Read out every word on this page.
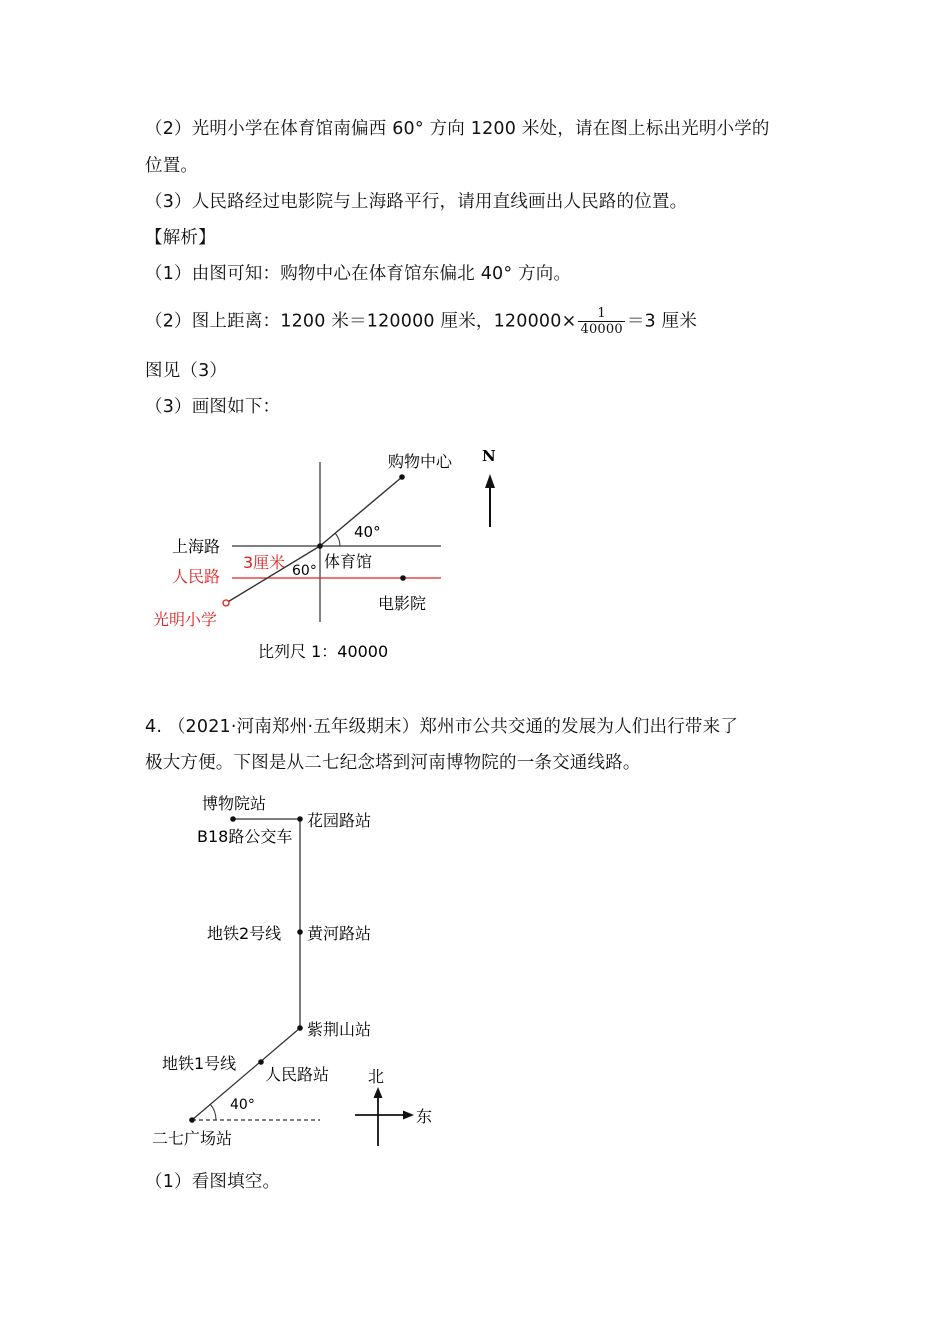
（2）光明小学在体育馆南偏西 60° 方向 1200 米处，请在图上标出光明小学的
位置。
（3）人民路经过电影院与上海路平行，请用直线画出人民路的位置。
【解析】
（1）由图可知：购物中心在体育馆东偏北 40° 方向。
（2）图上距离：1200 米＝120000 厘米，$120000\times \frac{1}{40000} =3$ 厘米
图见（3）
（3）画图如下：
N
购物中心
40°
上海路
3厘米 体育馆
60°
人民路
电影院
光明小学
比列尺 1：40000
4. （2021·河南郑州·五年级期末）郑州市公共交通的发展为人们出行带来了
极大方便。下图是从二七纪念塔到河南博物院的一条交通线路。
北
东
博物院站
花园路站
B18路公交车
地铁2号线 黄河路站
紫荆山站
地铁1号线
人民路站
40°
二七广场站
（1）看图填空。
